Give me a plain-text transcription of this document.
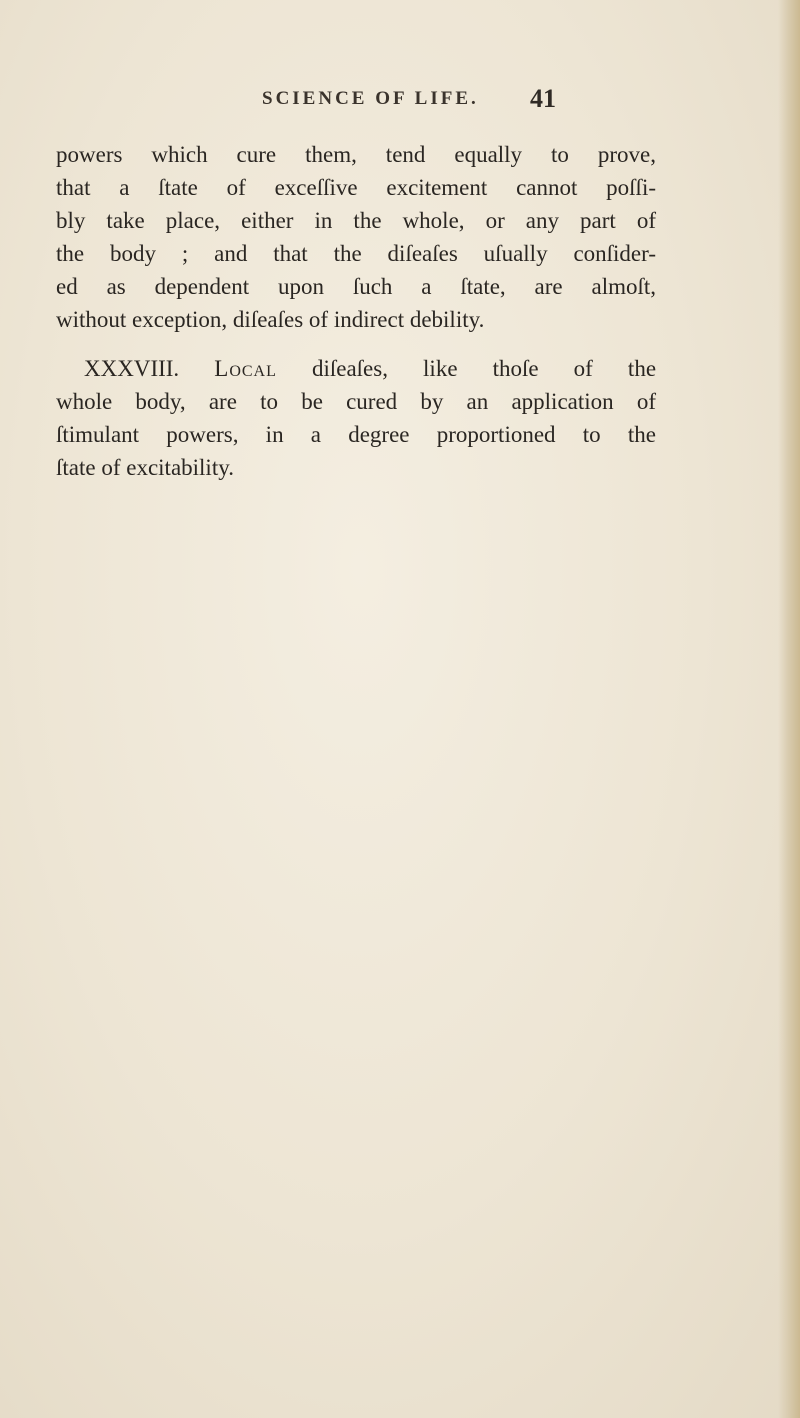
SCIENCE OF LIFE. 41
powers which cure them, tend equally to prove,
that a ſtate of exceſſive excitement cannot poſſi-
bly take place, either in the whole, or any part of
the body ; and that the diſeaſes uſually conſider-
ed as dependent upon ſuch a ſtate, are almoſt,
without exception, diſeaſes of indirect debility.
XXXVIII. Local diſeaſes, like thoſe of the
whole body, are to be cured by an application of
ſtimulant powers, in a degree proportioned to the
ſtate of excitability.
